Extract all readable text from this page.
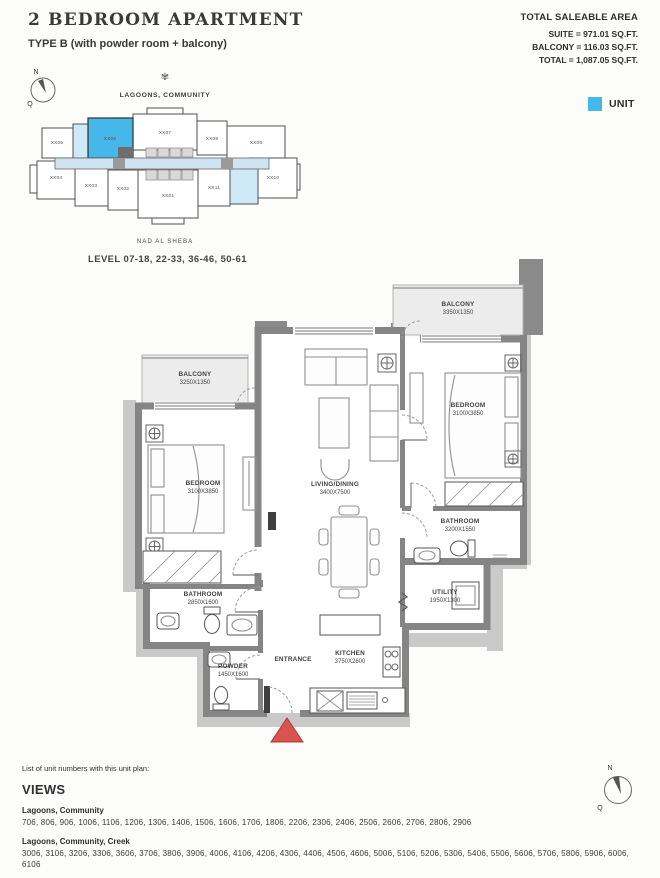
2 BEDROOM APARTMENT
TYPE B (with powder room + balcony)
TOTAL SALEABLE AREA
SUITE = 971.01 SQ.FT.
BALCONY = 116.03 SQ.FT.
TOTAL = 1,087.05 SQ.FT.
UNIT
N
Q
✾
LAGOONS, COMMUNITY
XX05
XX06
XX07
XX08
XX09
XX04
XX03
XX02
XX01
XX11
XX10
NAD AL SHEBA
LEVEL 07-18, 22-33, 36-46, 50-61
BALCONY
3250X1350
BALCONY
3350X1350
BEDROOM
3100X3850
BEDROOM
3100X3850
LIVING/DINING
3400X7500
BATHROOM
2850X1600
BATHROOM
3200X1550
UTILITY
1950X1300
KITCHEN
3750X2600
POWDER
1450X1600
ENTRANCE
List of unit numbers with this unit plan:
VIEWS
Lagoons, Community
706, 806, 906, 1006, 1106, 1206, 1306, 1406, 1506, 1606, 1706, 1806, 2206, 2306, 2406, 2506, 2606, 2706, 2806, 2906
Lagoons, Community, Creek
3006, 3106, 3206, 3306, 3606, 3706, 3806, 3906, 4006, 4106, 4206, 4306, 4406, 4506, 4606, 5006, 5106, 5206, 5306, 5406, 5506, 5606, 5706, 5806, 5906, 6006, 6106
N
Q
